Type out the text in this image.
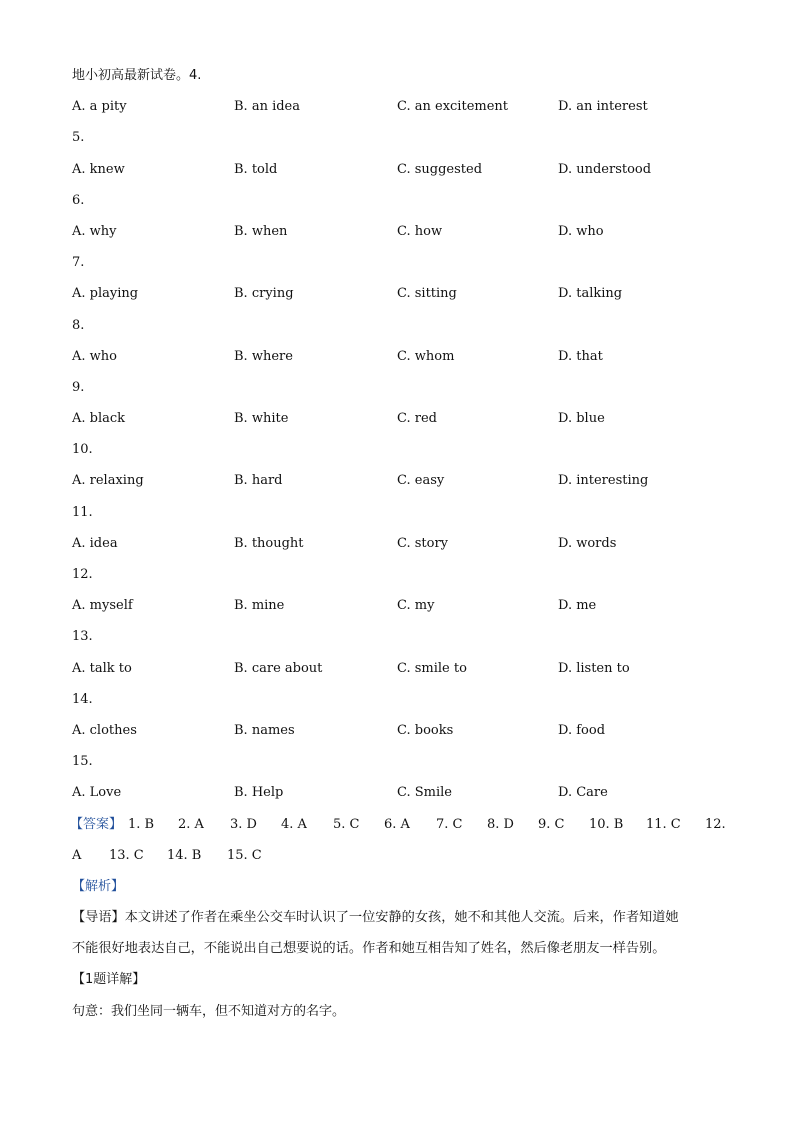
地小初高最新试卷。4.
A. a pity	B. an idea	C. an excitement	D. an interest
5.
A. knew	B. told	C. suggested	D. understood
6.
A. why	B. when	C. how	D. who
7.
A. playing	B. crying	C. sitting	D. talking
8.
A. who	B. where	C. whom	D. that
9.
A. black	B. white	C. red	D. blue
10.
A. relaxing	B. hard	C. easy	D. interesting
11.
A. idea	B. thought	C. story	D. words
12.
A. myself	B. mine	C. my	D. me
13.
A. talk to	B. care about	C. smile to	D. listen to
14.
A. clothes	B. names	C. books	D. food
15.
A. Love	B. Help	C. Smile	D. Care
【答案】 1. B 2. A 3. D 4. A 5. C 6. A 7. C 8. D 9. C 10. B 11. C 12.
A 13. C 14. B 15. C
【解析】
【导语】本文讲述了作者在乘坐公交车时认识了一位安静的女孩，她不和其他人交流。后来，作者知道她
不能很好地表达自己，不能说出自己想要说的话。作者和她互相告知了姓名，然后像老朋友一样告别。
【1题详解】
句意：我们坐同一辆车，但不知道对方的名字。
